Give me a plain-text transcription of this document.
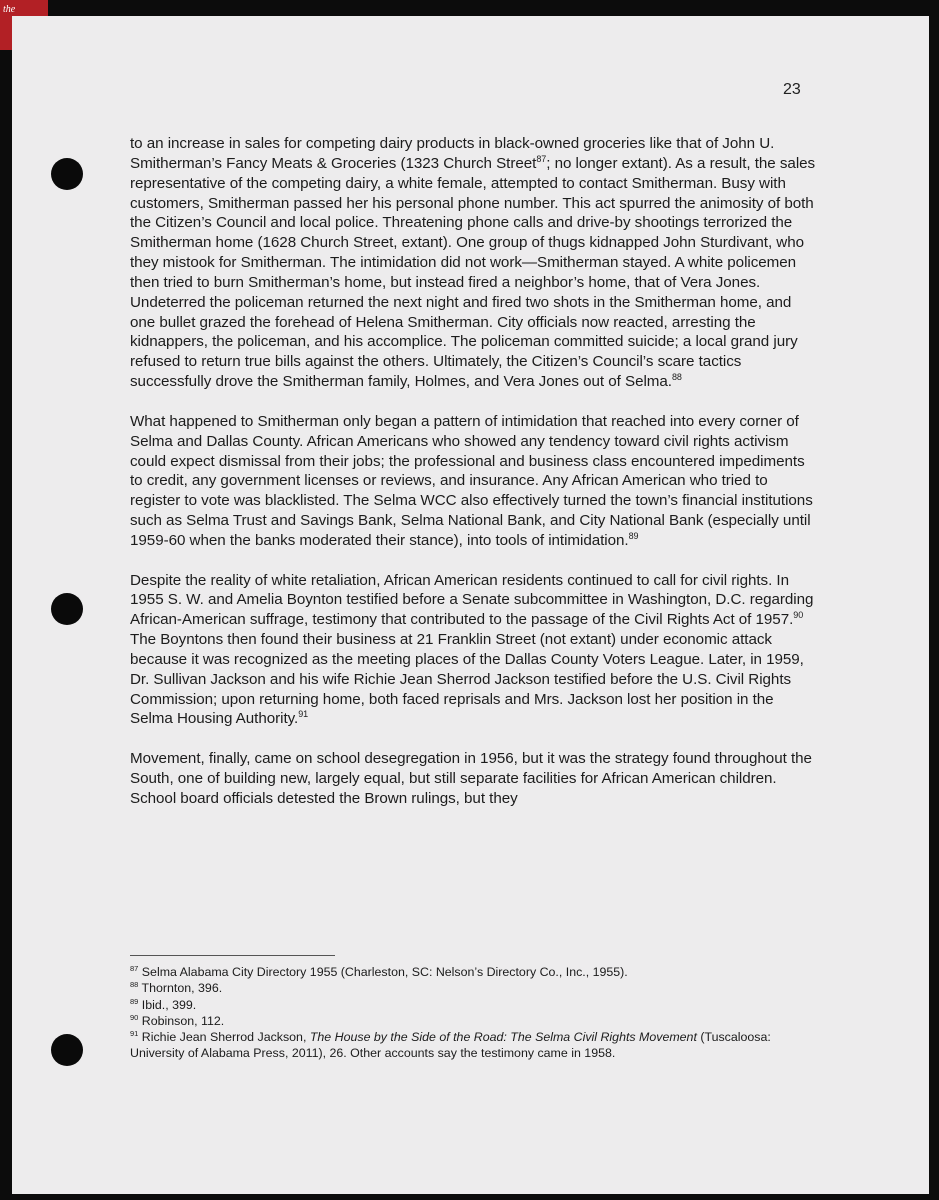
the
23

to an increase in sales for competing dairy products in black-owned groceries like that of John U. Smitherman’s Fancy Meats & Groceries (1323 Church Street$^{87}$; no longer extant). As a result, the sales representative of the competing dairy, a white female, attempted to contact Smitherman. Busy with customers, Smitherman passed her his personal phone number. This act spurred the animosity of both the Citizen’s Council and local police. Threatening phone calls and drive-by shootings terrorized the Smitherman home (1628 Church Street, extant). One group of thugs kidnapped John Sturdivant, who they mistook for Smitherman. The intimidation did not work—Smitherman stayed. A white policemen then tried to burn Smitherman’s home, but instead fired a neighbor’s home, that of Vera Jones. Undeterred the policeman returned the next night and fired two shots in the Smitherman home, and one bullet grazed the forehead of Helena Smitherman. City officials now reacted, arresting the kidnappers, the policeman, and his accomplice. The policeman committed suicide; a local grand jury refused to return true bills against the others. Ultimately, the Citizen’s Council’s scare tactics successfully drove the Smitherman family, Holmes, and Vera Jones out of Selma.$^{88}$

What happened to Smitherman only began a pattern of intimidation that reached into every corner of Selma and Dallas County. African Americans who showed any tendency toward civil rights activism could expect dismissal from their jobs; the professional and business class encountered impediments to credit, any government licenses or reviews, and insurance. Any African American who tried to register to vote was blacklisted. The Selma WCC also effectively turned the town’s financial institutions such as Selma Trust and Savings Bank, Selma National Bank, and City National Bank (especially until 1959-60 when the banks moderated their stance), into tools of intimidation.$^{89}$

Despite the reality of white retaliation, African American residents continued to call for civil rights. In 1955 S. W. and Amelia Boynton testified before a Senate subcommittee in Washington, D.C. regarding African-American suffrage, testimony that contributed to the passage of the Civil Rights Act of 1957.90 The Boyntons then found their business at 21 Franklin Street (not extant) under economic attack because it was recognized as the meeting places of the Dallas County Voters League. Later, in 1959, Dr. Sullivan Jackson and his wife Richie Jean Sherrod Jackson testified before the U.S. Civil Rights Commission; upon returning home, both faced reprisals and Mrs. Jackson lost her position in the Selma Housing Authority.$^{91}$

Movement, finally, came on school desegregation in 1956, but it was the strategy found throughout the South, one of building new, largely equal, but still separate facilities for African American children. School board officials detested the Brown rulings, but they

$^{87}$ Selma Alabama City Directory 1955 (Charleston, SC: Nelson’s Directory Co., Inc., 1955).
$^{88}$ Thornton, 396.
$^{89}$ Ibid., 399.
$^{90}$ Robinson, 112.
$^{91}$ Richie Jean Sherrod Jackson, The House by the Side of the Road: The Selma Civil Rights Movement (Tuscaloosa: University of Alabama Press, 2011), 26. Other accounts say the testimony came in 1958.
